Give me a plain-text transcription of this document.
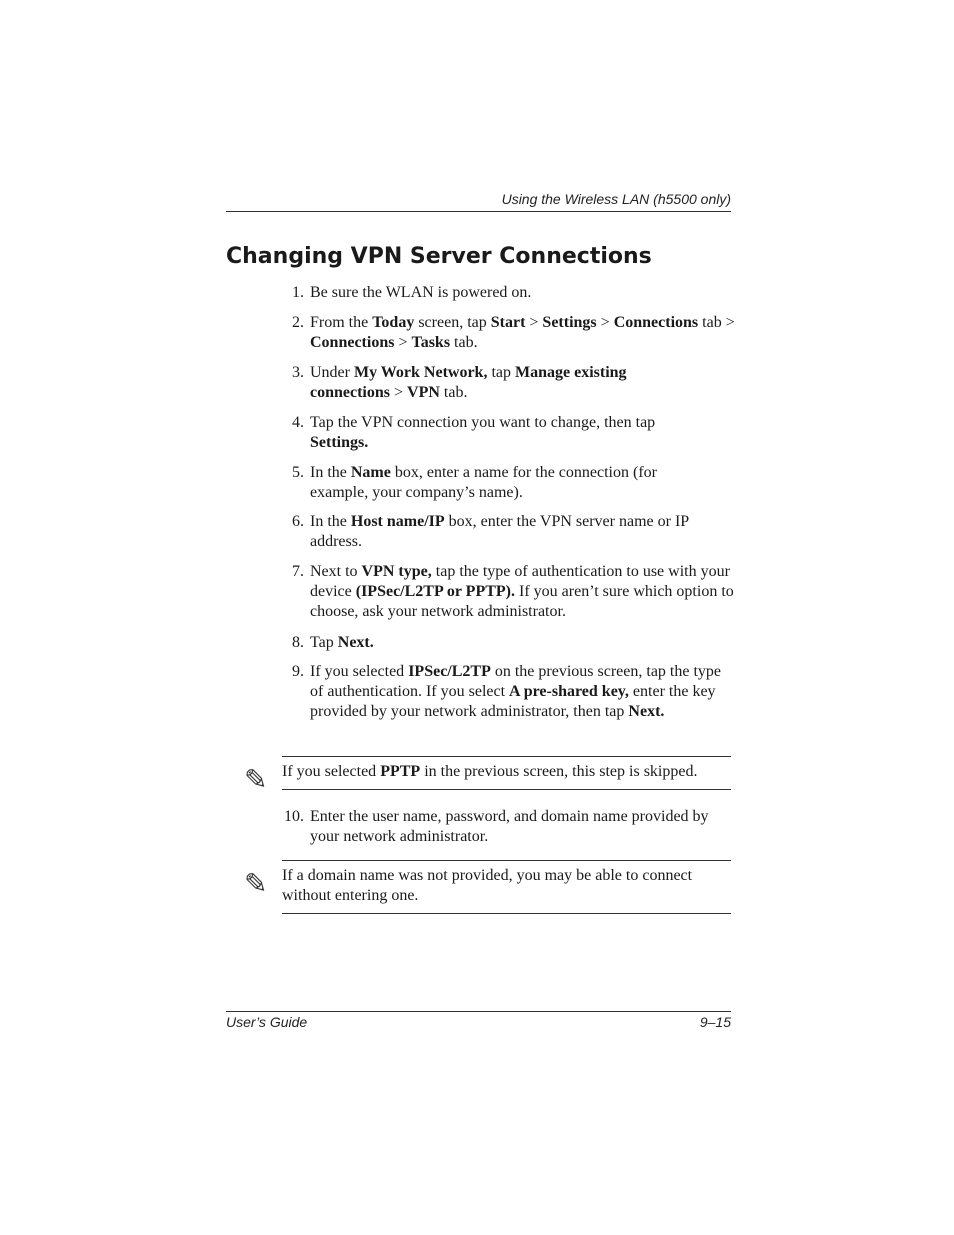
Using the Wireless LAN (h5500 only)
Changing VPN Server Connections
1. Be sure the WLAN is powered on.
2. From the Today screen, tap Start > Settings > Connections tab > Connections > Tasks tab.
3. Under My Work Network, tap Manage existing connections > VPN tab.
4. Tap the VPN connection you want to change, then tap Settings.
5. In the Name box, enter a name for the connection (for example, your company’s name).
6. In the Host name/IP box, enter the VPN server name or IP address.
7. Next to VPN type, tap the type of authentication to use with your device (IPSec/L2TP or PPTP). If you aren’t sure which option to choose, ask your network administrator.
8. Tap Next.
9. If you selected IPSec/L2TP on the previous screen, tap the type of authentication. If you select A pre-shared key, enter the key provided by your network administrator, then tap Next.
✎ If you selected PPTP in the previous screen, this step is skipped.
10. Enter the user name, password, and domain name provided by your network administrator.
✎ If a domain name was not provided, you may be able to connect without entering one.
User’s Guide	9–15
